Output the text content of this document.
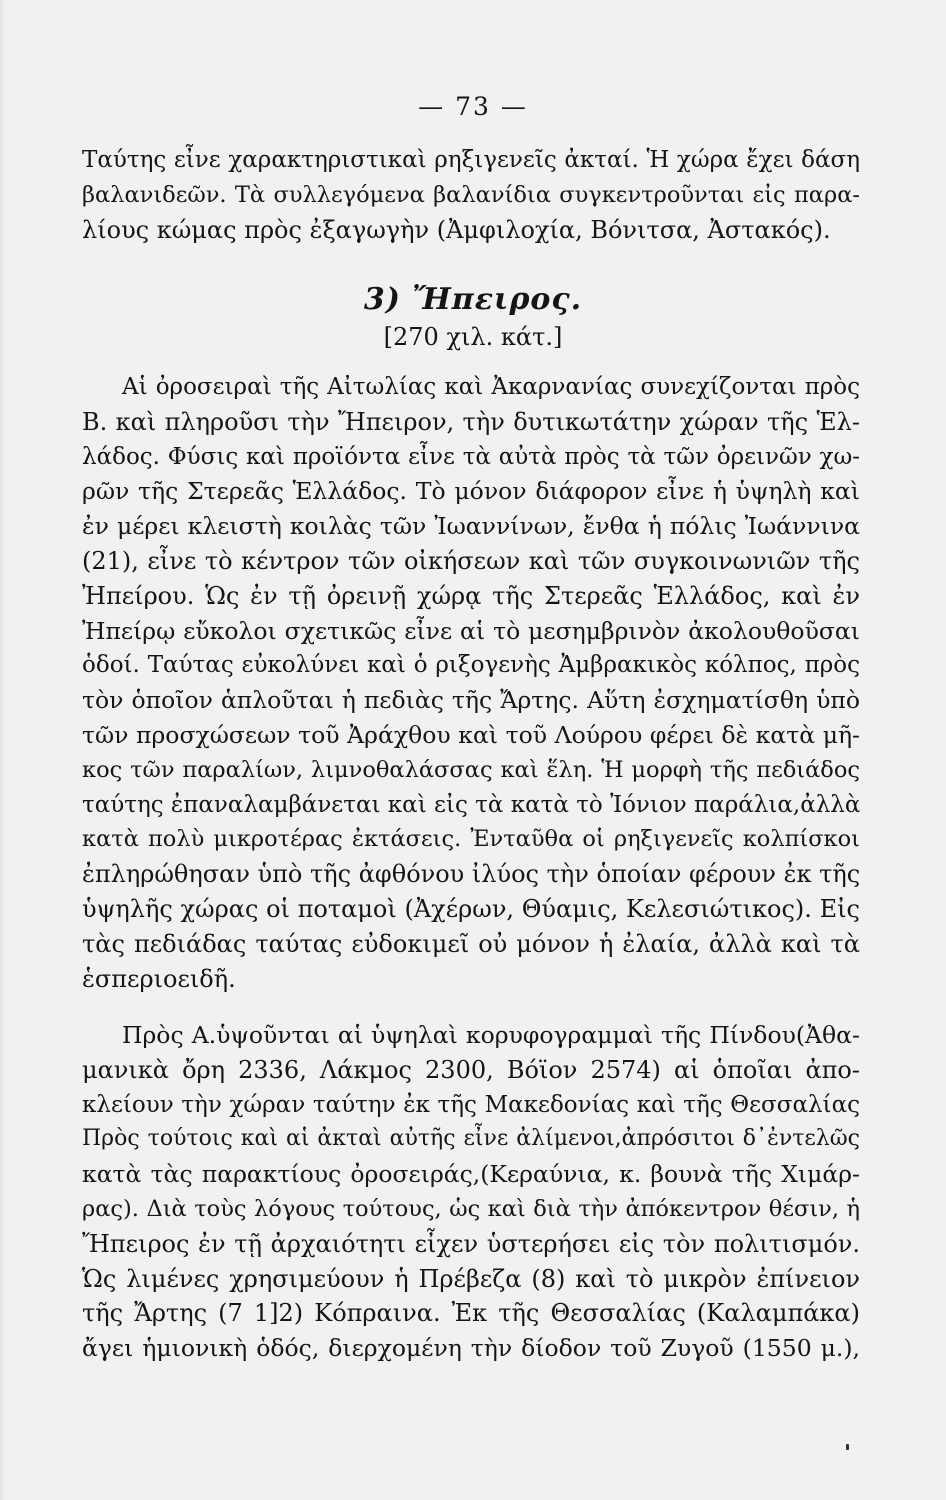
— 73 —
Ταύτης εἶνε χαρακτηριστικαὶ ρηξιγενεῖς ἀκταί. Ἡ χώρα ἔχει δάση
βαλανιδεῶν. Τὰ συλλεγόμενα βαλανίδια συγκεντροῦνται εἰς παρα-
λίους κώμας πρὸς ἐξαγωγὴν (Ἀμφιλοχία, Βόνιτσα, Ἀστακός).
3) Ἤπειρος.
[270 χιλ. κάτ.]
Αἱ ὀροσειραὶ τῆς Αἰτωλίας καὶ Ἀκαρνανίας συνεχίζονται πρὸς
Β. καὶ πληροῦσι τὴν Ἤπειρον, τὴν δυτικωτάτην χώραν τῆς Ἑλ-
λάδος. Φύσις καὶ προϊόντα εἶνε τὰ αὐτὰ πρὸς τὰ τῶν ὀρεινῶν χω-
ρῶν τῆς Στερεᾶς Ἑλλάδος. Τὸ μόνον διάφορον εἶνε ἡ ὑψηλὴ καὶ
ἐν μέρει κλειστὴ κοιλὰς τῶν Ἰωαννίνων, ἔνθα ἡ πόλις Ἰωάννινα
(21), εἶνε τὸ κέντρον τῶν οἰκήσεων καὶ τῶν συγκοινωνιῶν τῆς
Ἠπείρου. Ὡς ἐν τῇ ὀρεινῇ χώρᾳ τῆς Στερεᾶς Ἑλλάδος, καὶ ἐν
Ἠπείρῳ εὔκολοι σχετικῶς εἶνε αἱ τὸ μεσημβρινὸν ἀκολουθοῦσαι
ὁδοί. Ταύτας εὐκολύνει καὶ ὁ ριξογενὴς Ἀμβρακικὸς κόλπος, πρὸς
τὸν ὁποῖον ἁπλοῦται ἡ πεδιὰς τῆς Ἄρτης. Αὕτη ἐσχηματίσθη ὑπὸ
τῶν προσχώσεων τοῦ Ἀράχθου καὶ τοῦ Λούρου φέρει δὲ κατὰ μῆ-
κος τῶν παραλίων, λιμνοθαλάσσας καὶ ἕλη. Ἡ μορφὴ τῆς πεδιάδος
ταύτης ἐπαναλαμβάνεται καὶ εἰς τὰ κατὰ τὸ Ἰόνιον παράλια,ἀλλὰ
κατὰ πολὺ μικροτέρας ἐκτάσεις. Ἐνταῦθα οἱ ρηξιγενεῖς κολπίσκοι
ἐπληρώθησαν ὑπὸ τῆς ἀφθόνου ἰλύος τὴν ὁποίαν φέρουν ἐκ τῆς
ὑψηλῆς χώρας οἱ ποταμοὶ (Ἀχέρων, Θύαμις, Κελεσιώτικος). Εἰς
τὰς πεδιάδας ταύτας εὐδοκιμεῖ οὐ μόνον ἡ ἐλαία, ἀλλὰ καὶ τὰ
ἑσπεριοειδῆ.
Πρὸς Α.ὑψοῦνται αἱ ὑψηλαὶ κορυφογραμμαὶ τῆς Πίνδου(Ἀθα-
μανικὰ ὄρη 2336, Λάκμος 2300, Βόϊον 2574) αἱ ὁποῖαι ἀπο-
κλείουν τὴν χώραν ταύτην ἐκ τῆς Μακεδονίας καὶ τῆς Θεσσαλίας
Πρὸς τούτοις καὶ αἱ ἀκταὶ αὐτῆς εἶνε ἀλίμενοι,ἀπρόσιτοι δ᾽ἐντελῶς
κατὰ τὰς παρακτίους ὀροσειράς,(Κεραύνια, κ. βουνὰ τῆς Χιμάρ-
ρας). Διὰ τοὺς λόγους τούτους, ὡς καὶ διὰ τὴν ἀπόκεντρον θέσιν, ἡ
Ἤπειρος ἐν τῇ ἀρχαιότητι εἶχεν ὑστερήσει εἰς τὸν πολιτισμόν.
Ὡς λιμένες χρησιμεύουν ἡ Πρέβεζα (8) καὶ τὸ μικρὸν ἐπίνειον
τῆς Ἄρτης (7 1]2) Κόπραινα. Ἐκ τῆς Θεσσαλίας (Καλαμπάκα)
ἄγει ἡμιονικὴ ὁδός, διερχομένη τὴν δίοδον τοῦ Ζυγοῦ (1550 μ.),
